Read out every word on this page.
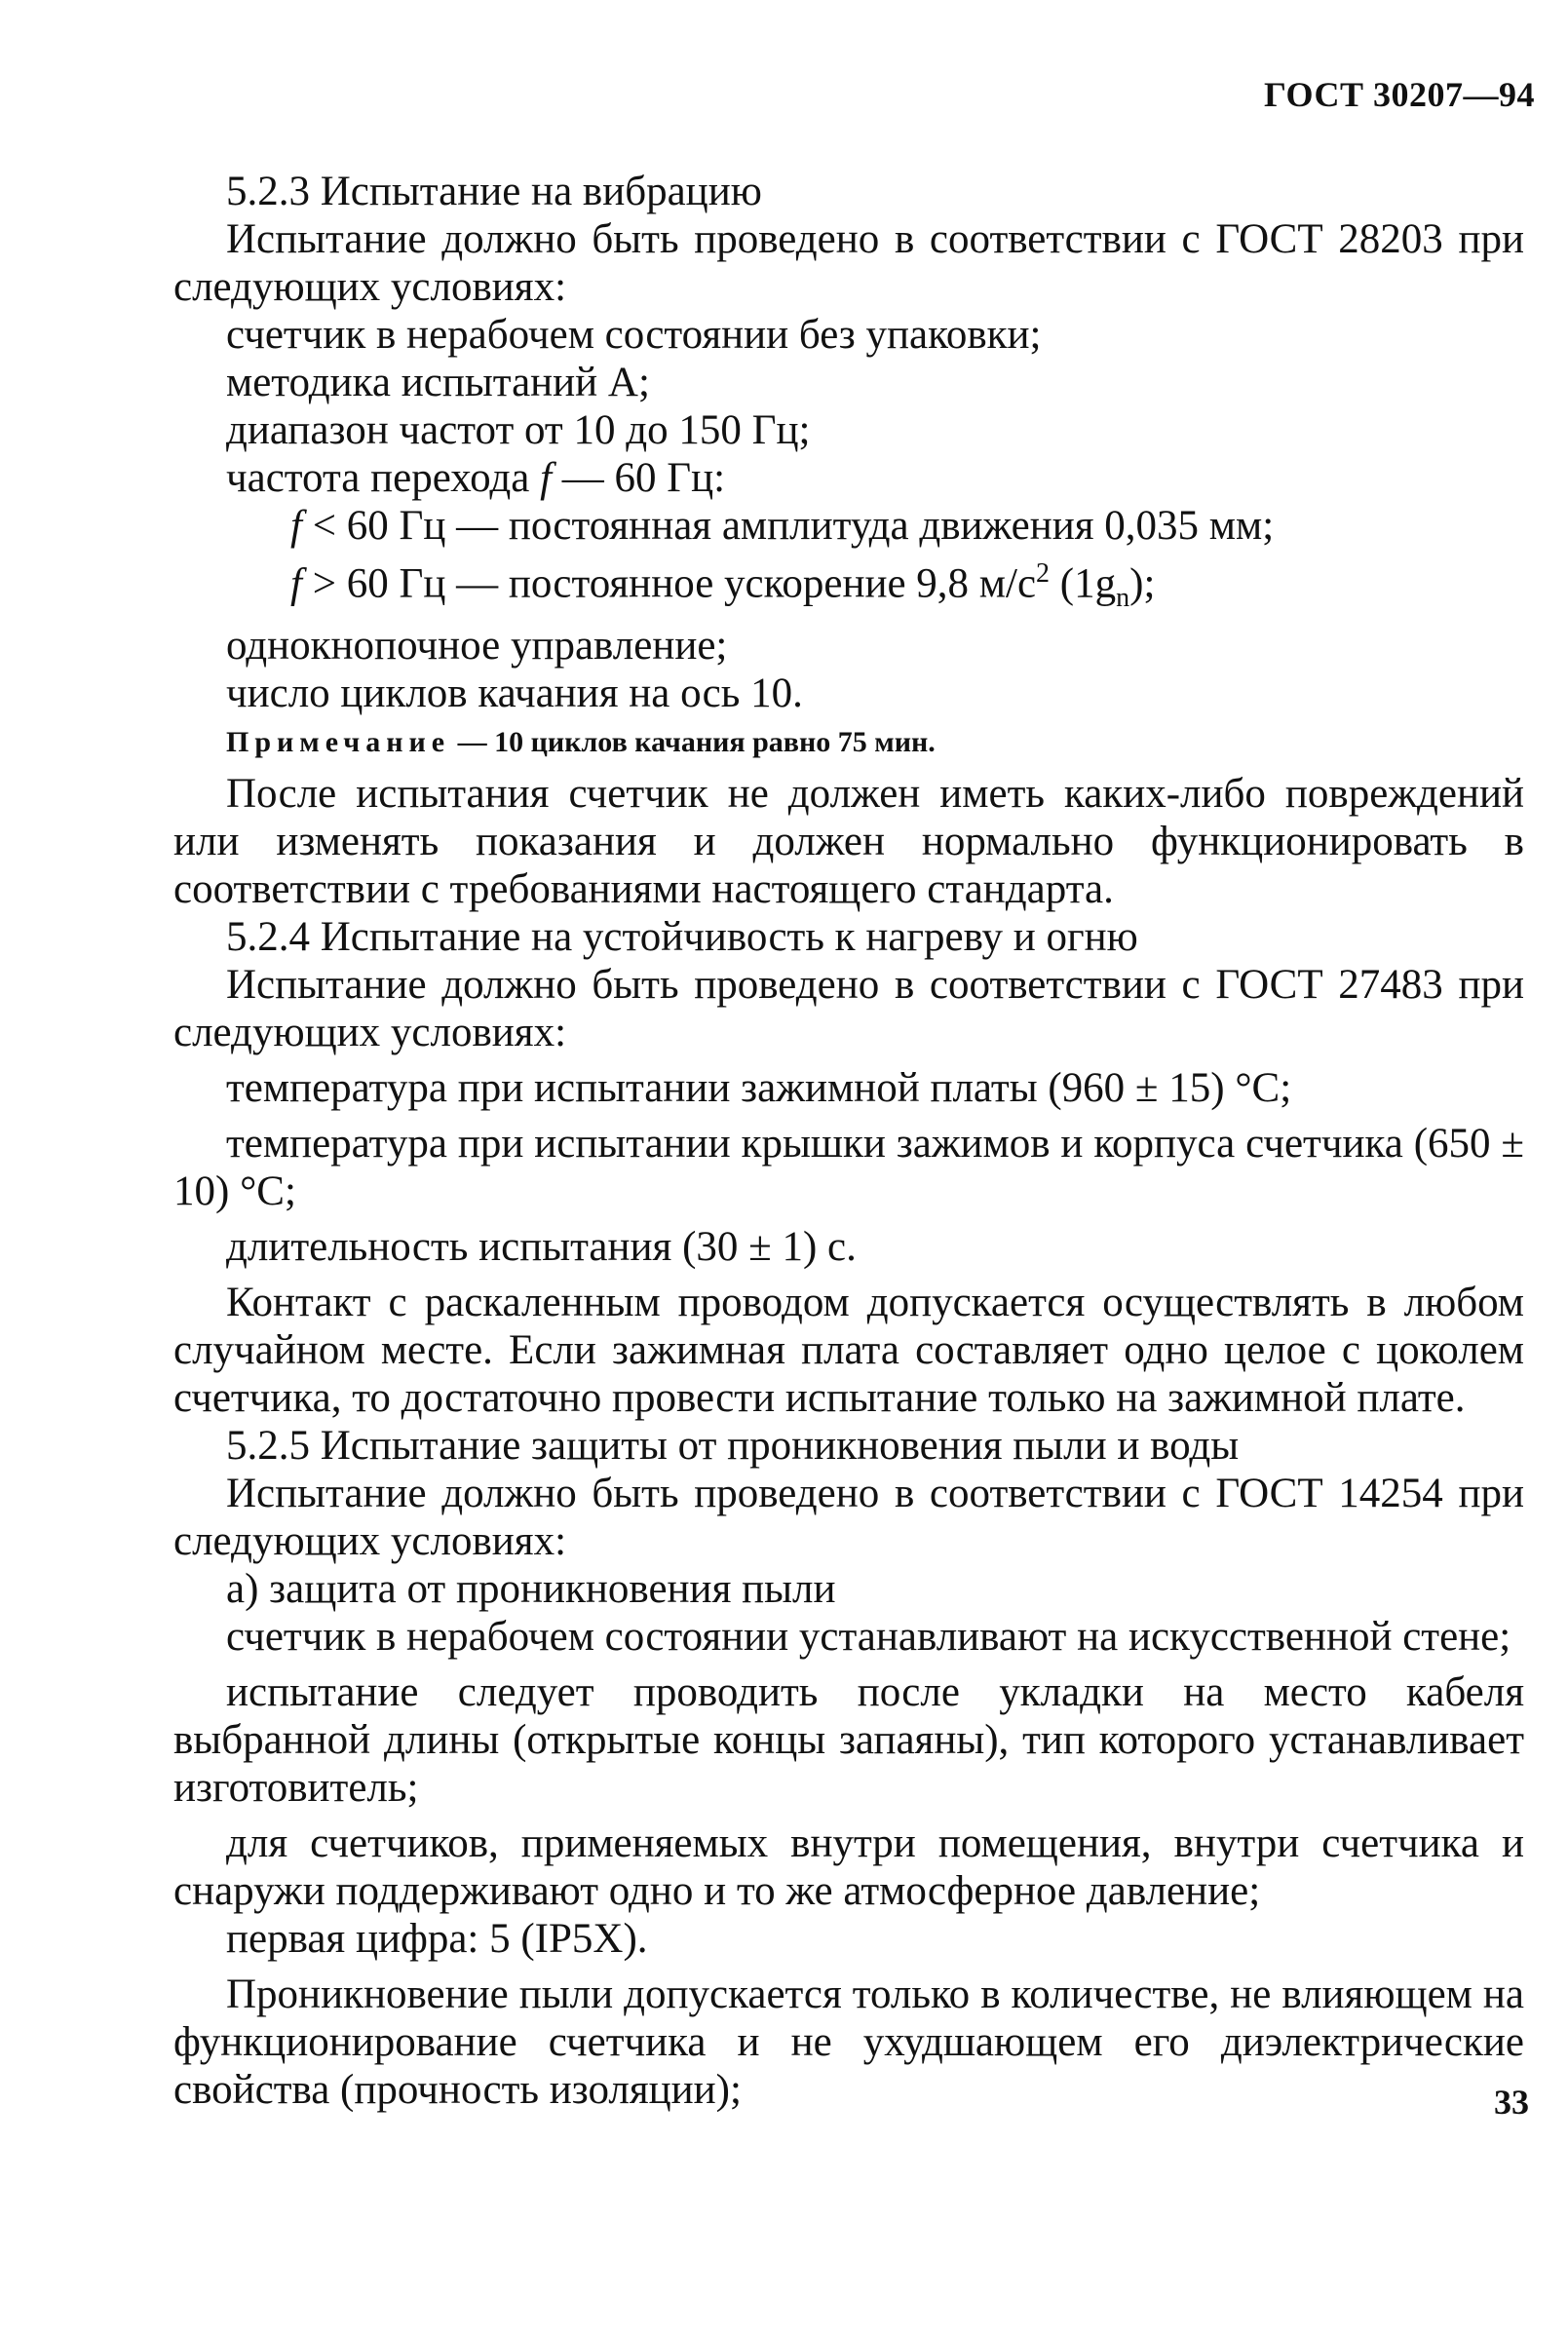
ГОСТ 30207—94

5.2.3 Испытание на вибрацию

Испытание должно быть проведено в соответствии с ГОСТ 28203 при следующих условиях:

счетчик в нерабочем состоянии без упаковки;

методика испытаний А;

диапазон частот от 10 до 150 Гц;

частота перехода f — 60 Гц:

f < 60 Гц — постоянная амплитуда движения 0,035 мм;

f > 60 Гц — постоянное ускорение 9,8 $м/с^2$ $(1g_n)$;

однокнопочное управление;

число циклов качания на ось 10.

Примечание — 10 циклов качания равно 75 мин.

После испытания счетчик не должен иметь каких-либо повреждений или изменять показания и должен нормально функционировать в соответствии с требованиями настоящего стандарта.

5.2.4 Испытание на устойчивость к нагреву и огню

Испытание должно быть проведено в соответствии с ГОСТ 27483 при следующих условиях:

температура при испытании зажимной платы (960 ± 15) °С;

температура при испытании крышки зажимов и корпуса счетчика (650 ± 10) °С;

длительность испытания (30 ± 1) с.

Контакт с раскаленным проводом допускается осуществлять в любом случайном месте. Если зажимная плата составляет одно целое с цоколем счетчика, то достаточно провести испытание только на зажимной плате.

5.2.5 Испытание защиты от проникновения пыли и воды

Испытание должно быть проведено в соответствии с ГОСТ 14254 при следующих условиях:

а) защита от проникновения пыли

счетчик в нерабочем состоянии устанавливают на искусственной стене;

испытание следует проводить после укладки на место кабеля выбранной длины (открытые концы запаяны), тип которого устанавливает изготовитель;

для счетчиков, применяемых внутри помещения, внутри счетчика и снаружи поддерживают одно и то же атмосферное давление;

первая цифра: 5 (IP5X).

Проникновение пыли допускается только в количестве, не влияющем на функционирование счетчика и не ухудшающем его диэлектрические свойства (прочность изоляции);	33
